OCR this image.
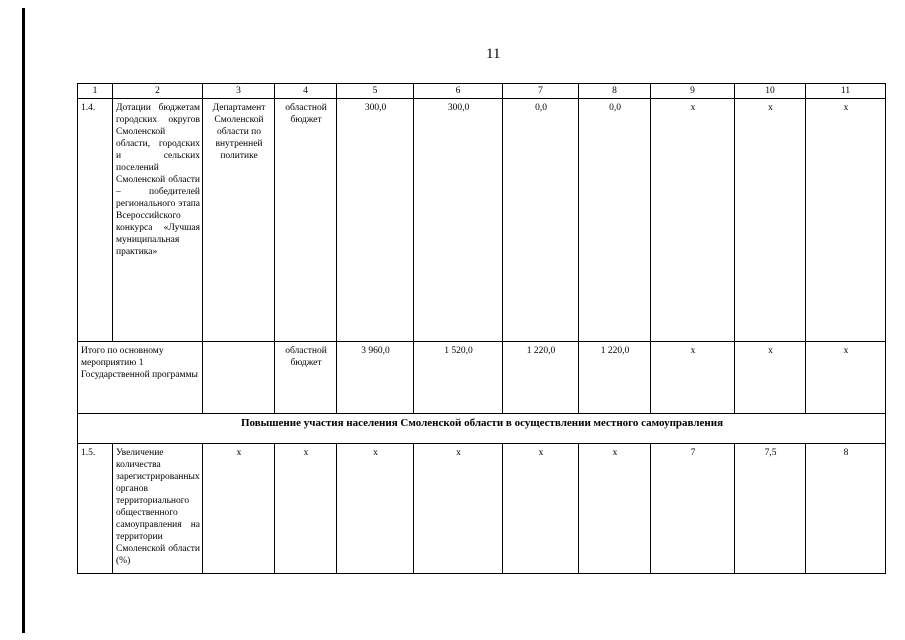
11
1	2	3	4	5	6	7	8	9	10	11
1.4.	Дотации бюджетам городских округов Смоленской области, городских и сельских поселений Смоленской области – победителей регионального этапа Всероссийского конкурса «Лучшая муниципальная практика»	Департамент Смоленской области по внутренней политике	областной бюджет	300,0	300,0	0,0	0,0	х	х	х
Итого по основному мероприятию 1 Государственной программы			областной бюджет	3 960,0	1 520,0	1 220,0	1 220,0	х	х	х
Повышение участия населения Смоленской области в осуществлении местного самоуправления										
1.5.	Увеличение количества зарегистрированных органов территориального общественного самоуправления на территории Смоленской области (%)	х	х	х	х	х	х	7	7,5	8
